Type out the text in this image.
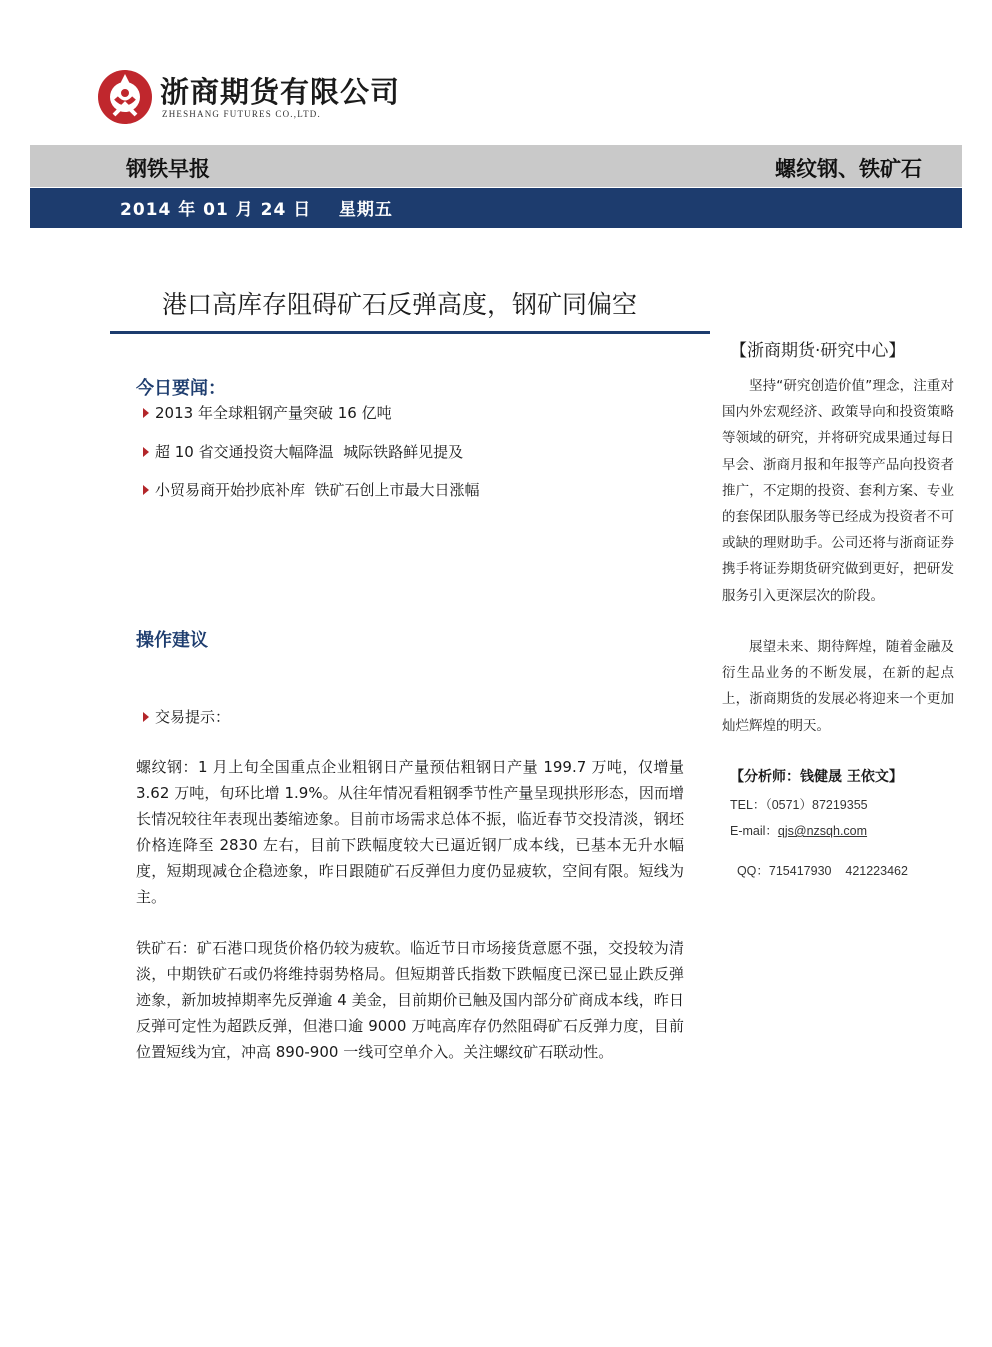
浙商期货有限公司
ZHESHANG FUTURES CO.,LTD.
钢铁早报	螺纹钢、铁矿石
2014 年 01 月 24 日    星期五
港口高库存阻碍矿石反弹高度，钢矿同偏空
今日要闻：
2013 年全球粗钢产量突破 16 亿吨
超 10 省交通投资大幅降温  城际铁路鲜见提及
小贸易商开始抄底补库  铁矿石创上市最大日涨幅
操作建议
交易提示：
螺纹钢：1 月上旬全国重点企业粗钢日产量预估粗钢日产量 199.7 万吨，仅增量 3.62 万吨，旬环比增 1.9%。从往年情况看粗钢季节性产量呈现拱形形态，因而增长情况较往年表现出萎缩迹象。目前市场需求总体不振，临近春节交投清淡，钢坯价格连降至 2830 左右，目前下跌幅度较大已逼近钢厂成本线，已基本无升水幅度，短期现减仓企稳迹象，昨日跟随矿石反弹但力度仍显疲软，空间有限。短线为主。
铁矿石：矿石港口现货价格仍较为疲软。临近节日市场接货意愿不强，交投较为清淡，中期铁矿石或仍将维持弱势格局。但短期普氏指数下跌幅度已深已显止跌反弹迹象，新加坡掉期率先反弹逾 4 美金，目前期价已触及国内部分矿商成本线，昨日反弹可定性为超跌反弹，但港口逾 9000 万吨高库存仍然阻碍矿石反弹力度，目前位置短线为宜，冲高 890-900 一线可空单介入。关注螺纹矿石联动性。
【浙商期货·研究中心】
坚持“研究创造价值”理念，注重对国内外宏观经济、政策导向和投资策略等领域的研究，并将研究成果通过每日早会、浙商月报和年报等产品向投资者推广，不定期的投资、套利方案、专业的套保团队服务等已经成为投资者不可或缺的理财助手。公司还将与浙商证券携手将证券期货研究做到更好，把研发服务引入更深层次的阶段。
展望未来、期待辉煌，随着金融及衍生品业务的不断发展，在新的起点上，浙商期货的发展必将迎来一个更加灿烂辉煌的明天。
【分析师：钱健晟 王依文】
TEL：（0571）87219355
E-mail：qjs@nzsqh.com

QQ：715417930    421223462
